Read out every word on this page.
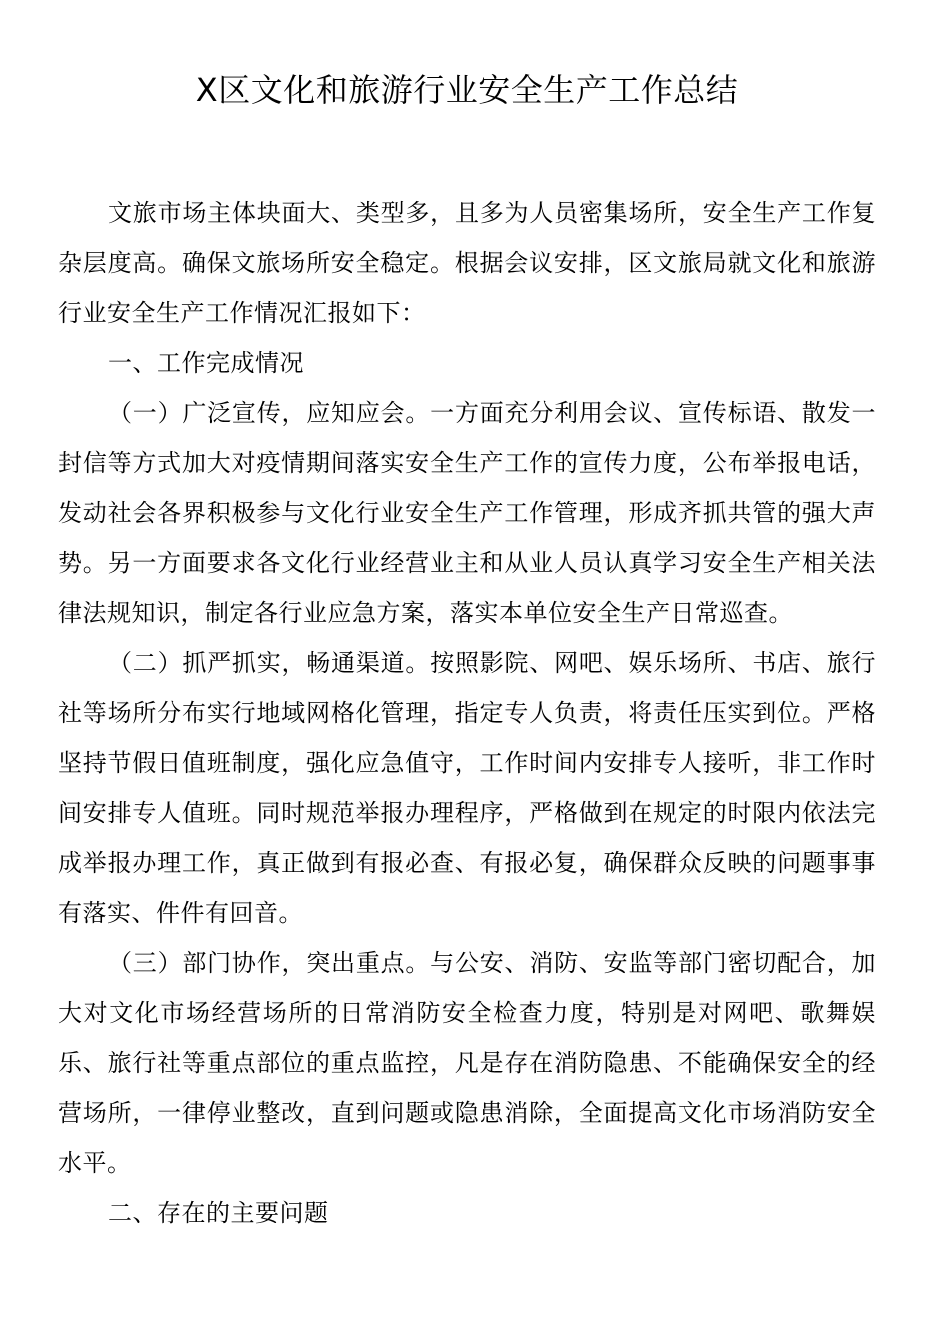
X区文化和旅游行业安全生产工作总结

文旅市场主体块面大、类型多，且多为人员密集场所，安全生产工作复杂层度高。确保文旅场所安全稳定。根据会议安排，区文旅局就文化和旅游行业安全生产工作情况汇报如下：

一、工作完成情况

（一）广泛宣传，应知应会。一方面充分利用会议、宣传标语、散发一封信等方式加大对疫情期间落实安全生产工作的宣传力度，公布举报电话，发动社会各界积极参与文化行业安全生产工作管理，形成齐抓共管的强大声势。另一方面要求各文化行业经营业主和从业人员认真学习安全生产相关法律法规知识，制定各行业应急方案，落实本单位安全生产日常巡查。

（二）抓严抓实，畅通渠道。按照影院、网吧、娱乐场所、书店、旅行社等场所分布实行地域网格化管理，指定专人负责，将责任压实到位。严格坚持节假日值班制度，强化应急值守，工作时间内安排专人接听，非工作时间安排专人值班。同时规范举报办理程序，严格做到在规定的时限内依法完成举报办理工作，真正做到有报必查、有报必复，确保群众反映的问题事事有落实、件件有回音。

（三）部门协作，突出重点。与公安、消防、安监等部门密切配合，加大对文化市场经营场所的日常消防安全检查力度，特别是对网吧、歌舞娱乐、旅行社等重点部位的重点监控，凡是存在消防隐患、不能确保安全的经营场所，一律停业整改，直到问题或隐患消除，全面提高文化市场消防安全水平。

二、存在的主要问题
